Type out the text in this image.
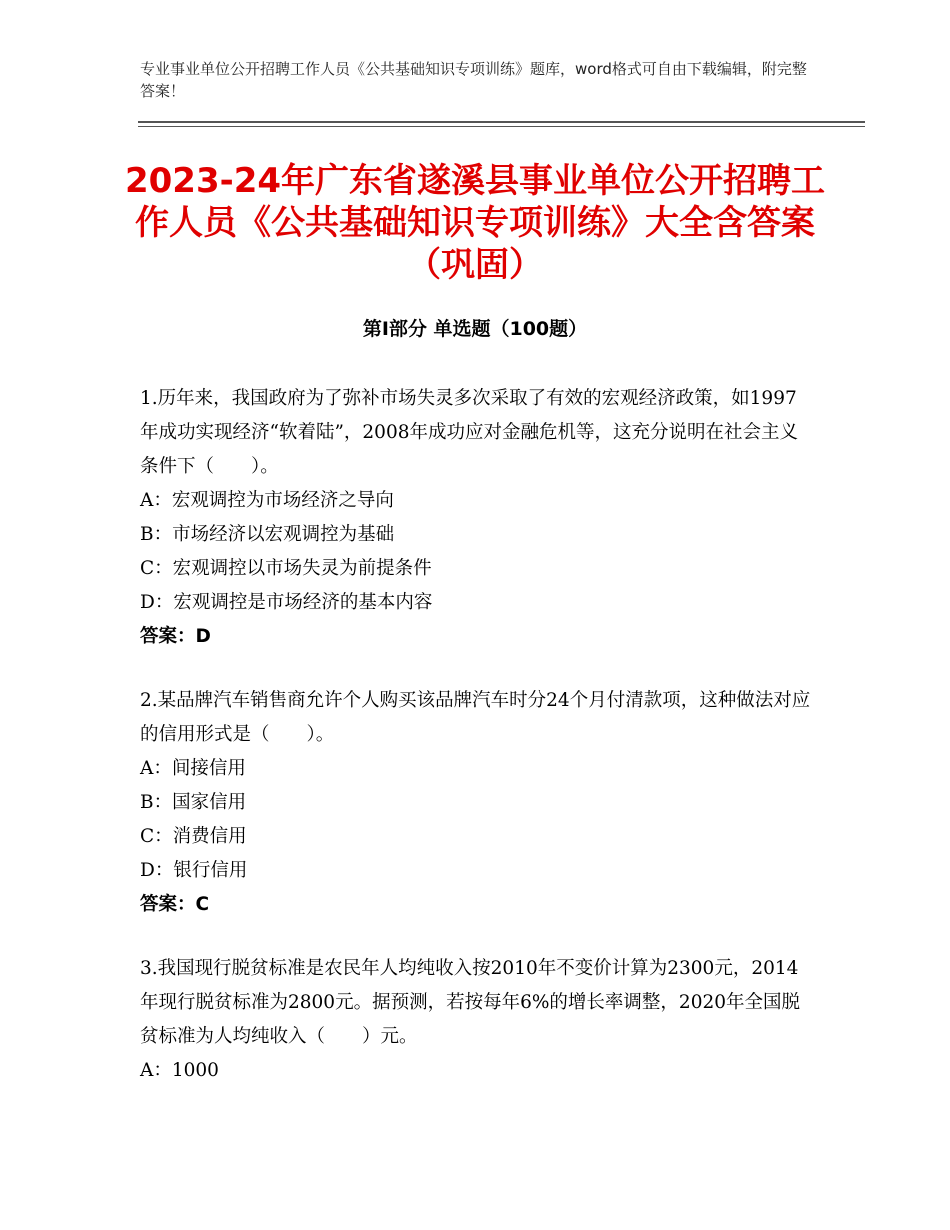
专业事业单位公开招聘工作人员《公共基础知识专项训练》题库，word格式可自由下载编辑，附完整答案！
2023-24年广东省遂溪县事业单位公开招聘工作人员《公共基础知识专项训练》大全含答案（巩固）
第Ⅰ部分 单选题（100题）

1.历年来，我国政府为了弥补市场失灵多次采取了有效的宏观经济政策，如1997年成功实现经济“软着陆”，2008年成功应对金融危机等，这充分说明在社会主义条件下（　　）。

A：宏观调控为市场经济之导向

B：市场经济以宏观调控为基础

C：宏观调控以市场失灵为前提条件

D：宏观调控是市场经济的基本内容

答案：D

2.某品牌汽车销售商允许个人购买该品牌汽车时分24个月付清款项，这种做法对应的信用形式是（　　）。

A：间接信用

B：国家信用

C：消费信用

D：银行信用

答案：C

3.我国现行脱贫标准是农民年人均纯收入按2010年不变价计算为2300元，2014年现行脱贫标准为2800元。据预测，若按每年6%的增长率调整，2020年全国脱贫标准为人均纯收入（　　）元。

A：1000
